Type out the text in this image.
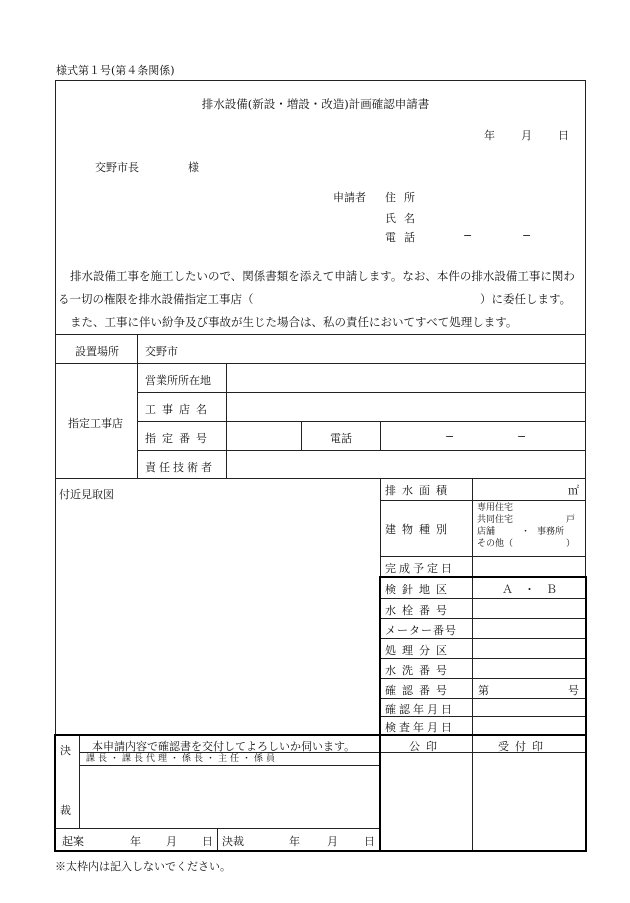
様式第１号(第４条関係)
排水設備(新設・増設・改造)計画確認申請書
年 月 日
交野市長	様
申請者 住所
氏名
電話	−	−
排水設備工事を施工したいので、関係書類を添えて申請します。なお、本件の排水設備工事に関わ
る一切の権限を排水設備指定工事店（	）に委任します。
また、工事に伴い紛争及び事故が生じた場合は、私の責任においてすべて処理します。
設置場所 交野市
指定工事店
営業所所在地
工事店名
指定番号	電話	−	−
責任技術者
付近見取図	排水面積	㎡
建物種別
専用住宅
共同住宅	戸
店舗	・ 事務所
その他（	）
完成予定日
検針地区	Ａ　・　Ｂ
水栓番号
メーター番号
処理分区
水洗番号
確認番号 第	号
確認年月日
検査年月日
決
裁
本申請内容で確認書を交付してよろしいか伺います。
課長・課長代理・係長・主任・係員
公印	受付印
起案	年 月 日 決裁	年 月 日
※太枠内は記入しないでください。
